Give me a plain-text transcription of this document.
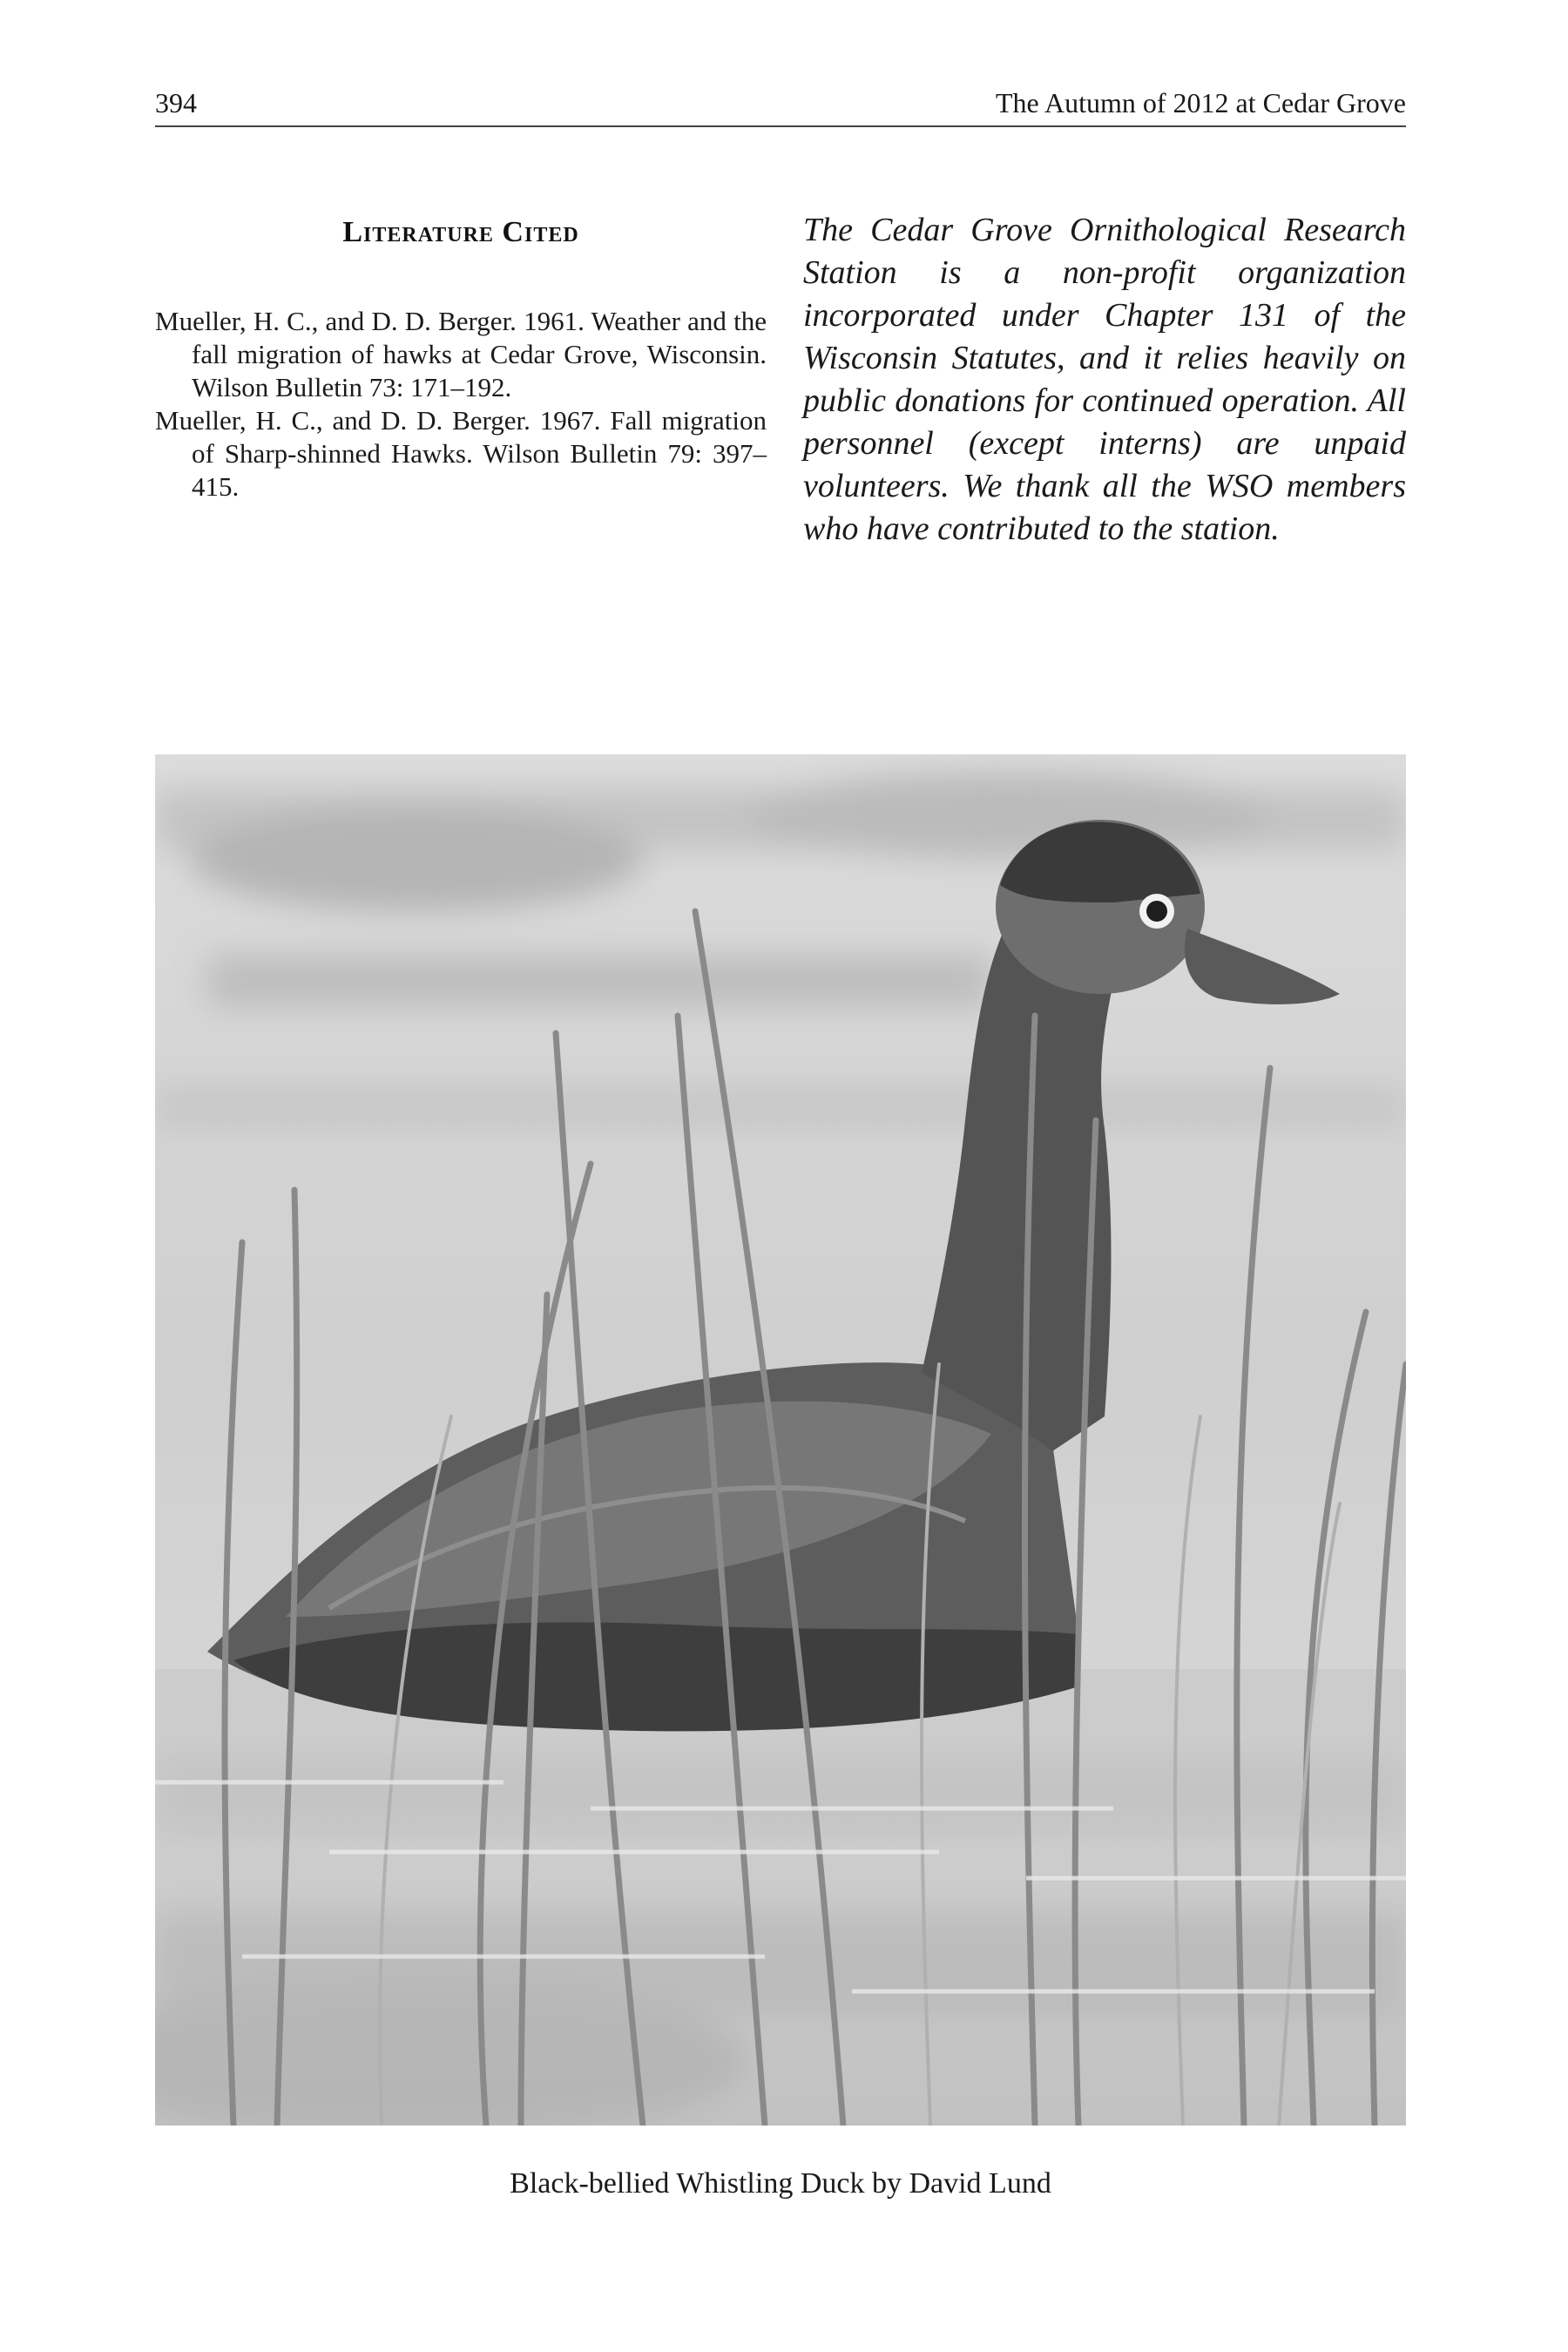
394	The Autumn of 2012 at Cedar Grove
Literature Cited

Mueller, H. C., and D. D. Berger. 1961. Weather and the fall migration of hawks at Cedar Grove, Wisconsin. Wilson Bulletin 73: 171–192.

Mueller, H. C., and D. D. Berger. 1967. Fall migration of Sharp-shinned Hawks. Wilson Bulletin 79: 397–415.

The Cedar Grove Ornithological Research Station is a non-profit organization incorporated under Chapter 131 of the Wisconsin Statutes, and it relies heavily on public donations for continued operation. All personnel (except interns) are unpaid volunteers. We thank all the WSO members who have contributed to the station.

Black-bellied Whistling Duck by David Lund
